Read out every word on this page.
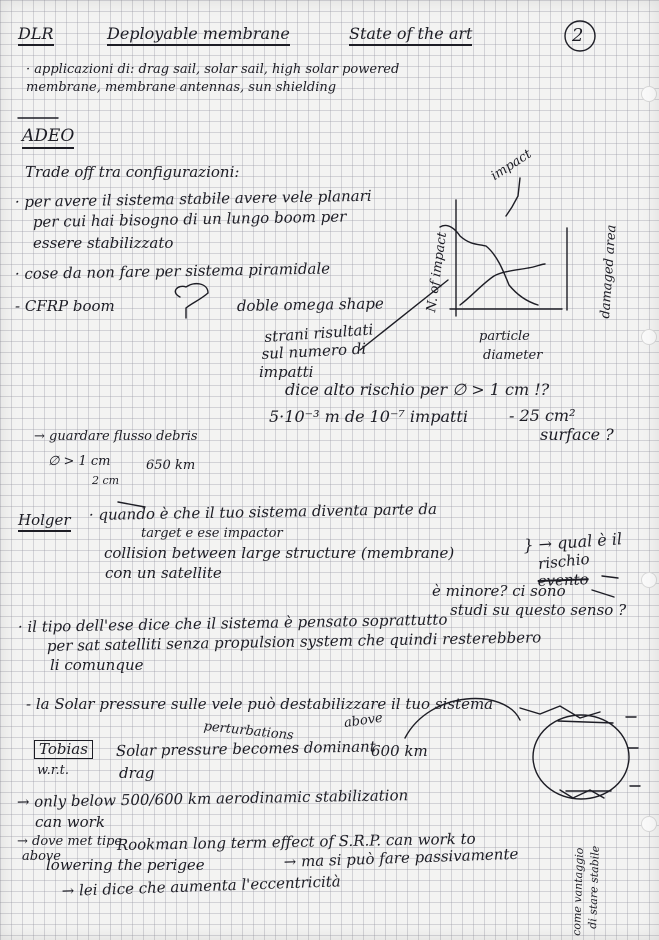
DLR	Deployable membrane	State of the art	2
· applicazioni di: drag sail, solar sail, high solar powered
membrane, membrane antennas, sun shielding
ADEO
Trade off tra configurazioni:
· per avere il sistema stabile avere vele planari
per cui hai bisogno di un lungo boom per
essere stabilizzato
· cose da non fare per sistema piramidale
- CFRP boom	doble omega shape
impact
N. of impact	damaged area
particle
diameter
strani risultati
sul numero di
impatti
dice alto rischio per ∅ > 1 cm !?
5·10⁻³ m de 10⁻⁷ impatti	- 25 cm²
surface ?
→ guardare flusso debris
∅ > 1 cm	650 km
2 cm
Holger · quando è che il tuo sistema diventa parte da
target e ese impactor
collision between large structure (membrane)	} → qual è il
con un satellite
rischio
evento
è minore? ci sono
studi su questo senso ?
· il tipo dell'ese dice che il sistema è pensato soprattutto
per sat satelliti senza propulsion system che quindi resterebbero
li comunque
- la Solar pressure sulle vele può destabilizzare il tuo sistema
perturbations	above
Tobias	Solar pressure becomes dominant
600 km
w.r.t.	drag
→ only below 500/600 km aerodinamic stabilization
can work
→ dove met tipe
above
Rookman long term effect of S.R.P. can work to
lowering the perigee	→ ma si può fare passivamente
→ lei dice che aumenta l'eccentricità	come vantaggio di stare stabile
